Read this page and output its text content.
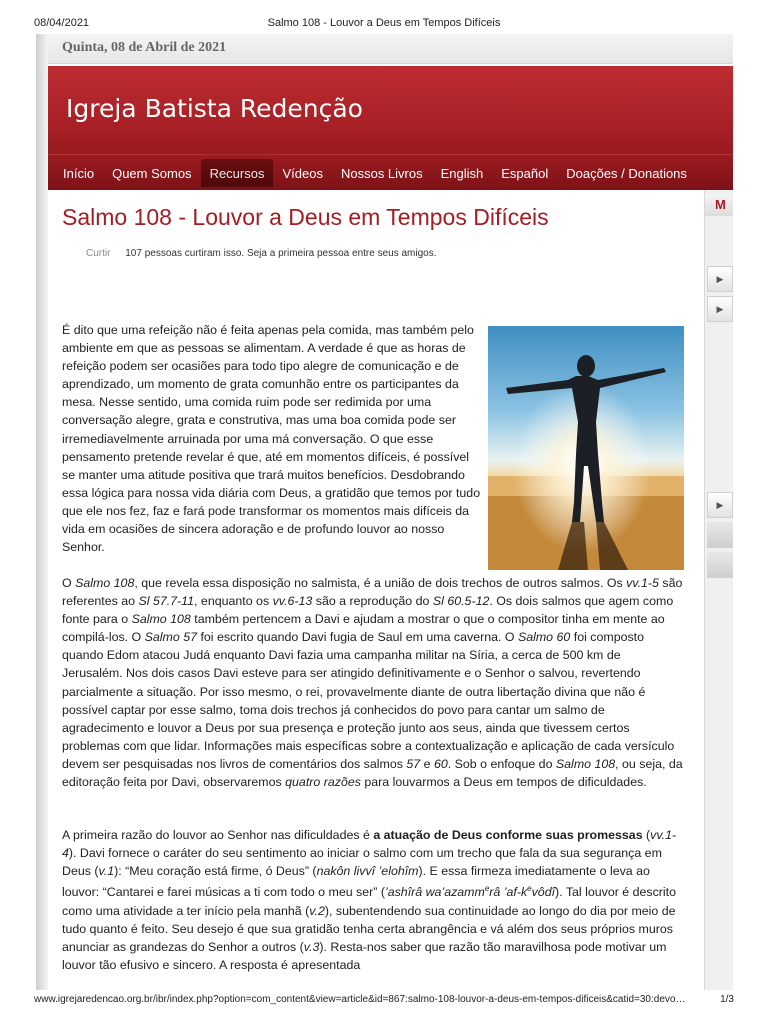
08/04/2021	Salmo 108 - Louvor a Deus em Tempos Difíceis
Quinta, 08 de Abril de 2021
Igreja Batista Redenção
Início	Quem Somos	Recursos	Vídeos	Nossos Livros	English	Español	Doações / Donations
Salmo 108 - Louvor a Deus em Tempos Difíceis
Curtir 107 pessoas curtiram isso. Seja a primeira pessoa entre seus amigos.

É dito que uma refeição não é feita apenas pela comida, mas também pelo ambiente em que as pessoas se alimentam. A verdade é que as horas de refeição podem ser ocasiões para todo tipo alegre de comunicação e de aprendizado, um momento de grata comunhão entre os participantes da mesa. Nesse sentido, uma comida ruim pode ser redimida por uma conversação alegre, grata e construtiva, mas uma boa comida pode ser irremediavelmente arruinada por uma má conversação. O que esse pensamento pretende revelar é que, até em momentos difíceis, é possível se manter uma atitude positiva que trará muitos benefícios. Desdobrando essa lógica para nossa vida diária com Deus, a gratidão que temos por tudo que ele nos fez, faz e fará pode transformar os momentos mais difíceis da vida em ocasiões de sincera adoração e de profundo louvor ao nosso Senhor.

O Salmo 108, que revela essa disposição no salmista, é a união de dois trechos de outros salmos. Os vv.1-5 são referentes ao Sl 57.7-11, enquanto os vv.6-13 são a reprodução do Sl 60.5-12. Os dois salmos que agem como fonte para o Salmo 108 também pertencem a Davi e ajudam a mostrar o que o compositor tinha em mente ao compilá-los. O Salmo 57 foi escrito quando Davi fugia de Saul em uma caverna. O Salmo 60 foi composto quando Edom atacou Judá enquanto Davi fazia uma campanha militar na Síria, a cerca de 500 km de Jerusalém. Nos dois casos Davi esteve para ser atingido definitivamente e o Senhor o salvou, revertendo parcialmente a situação. Por isso mesmo, o rei, provavelmente diante de outra libertação divina que não é possível captar por esse salmo, toma dois trechos já conhecidos do povo para cantar um salmo de agradecimento e louvor a Deus por sua presença e proteção junto aos seus, ainda que tivessem certos problemas com que lidar. Informações mais específicas sobre a contextualização e aplicação de cada versículo devem ser pesquisadas nos livros de comentários dos salmos 57 e 60. Sob o enfoque do Salmo 108, ou seja, da editoração feita por Davi, observaremos quatro razões para louvarmos a Deus em tempos de dificuldades.

A primeira razão do louvor ao Senhor nas dificuldades é a atuação de Deus conforme suas promessas (vv.1-4). Davi fornece o caráter do seu sentimento ao iniciar o salmo com um trecho que fala da sua segurança em Deus (v.1): “Meu coração está firme, ó Deus” (nakôn livvî ’elohîm). E essa firmeza imediatamente o leva ao louvor: “Cantarei e farei músicas a ti com todo o meu ser” (’ashîrâ wa’azamm$^e$râ $’af-k^evôdî$). Tal louvor é descrito como uma atividade a ter início pela manhã (v.2), subentendendo sua continuidade ao longo do dia por meio de tudo quanto é feito. Seu desejo é que sua gratidão tenha certa abrangência e vá além dos seus próprios muros anunciar as grandezas do Senhor a outros (v.3). Resta-nos saber que razão tão maravilhosa pode motivar um louvor tão efusivo e sincero. A resposta é apresentada

M
▶
▶
▶
www.igrejaredencao.org.br/ibr/index.php?option=com_content&view=article&id=867:salmo-108-louvor-a-deus-em-tempos-dificeis&catid=30:devo…	1/3
